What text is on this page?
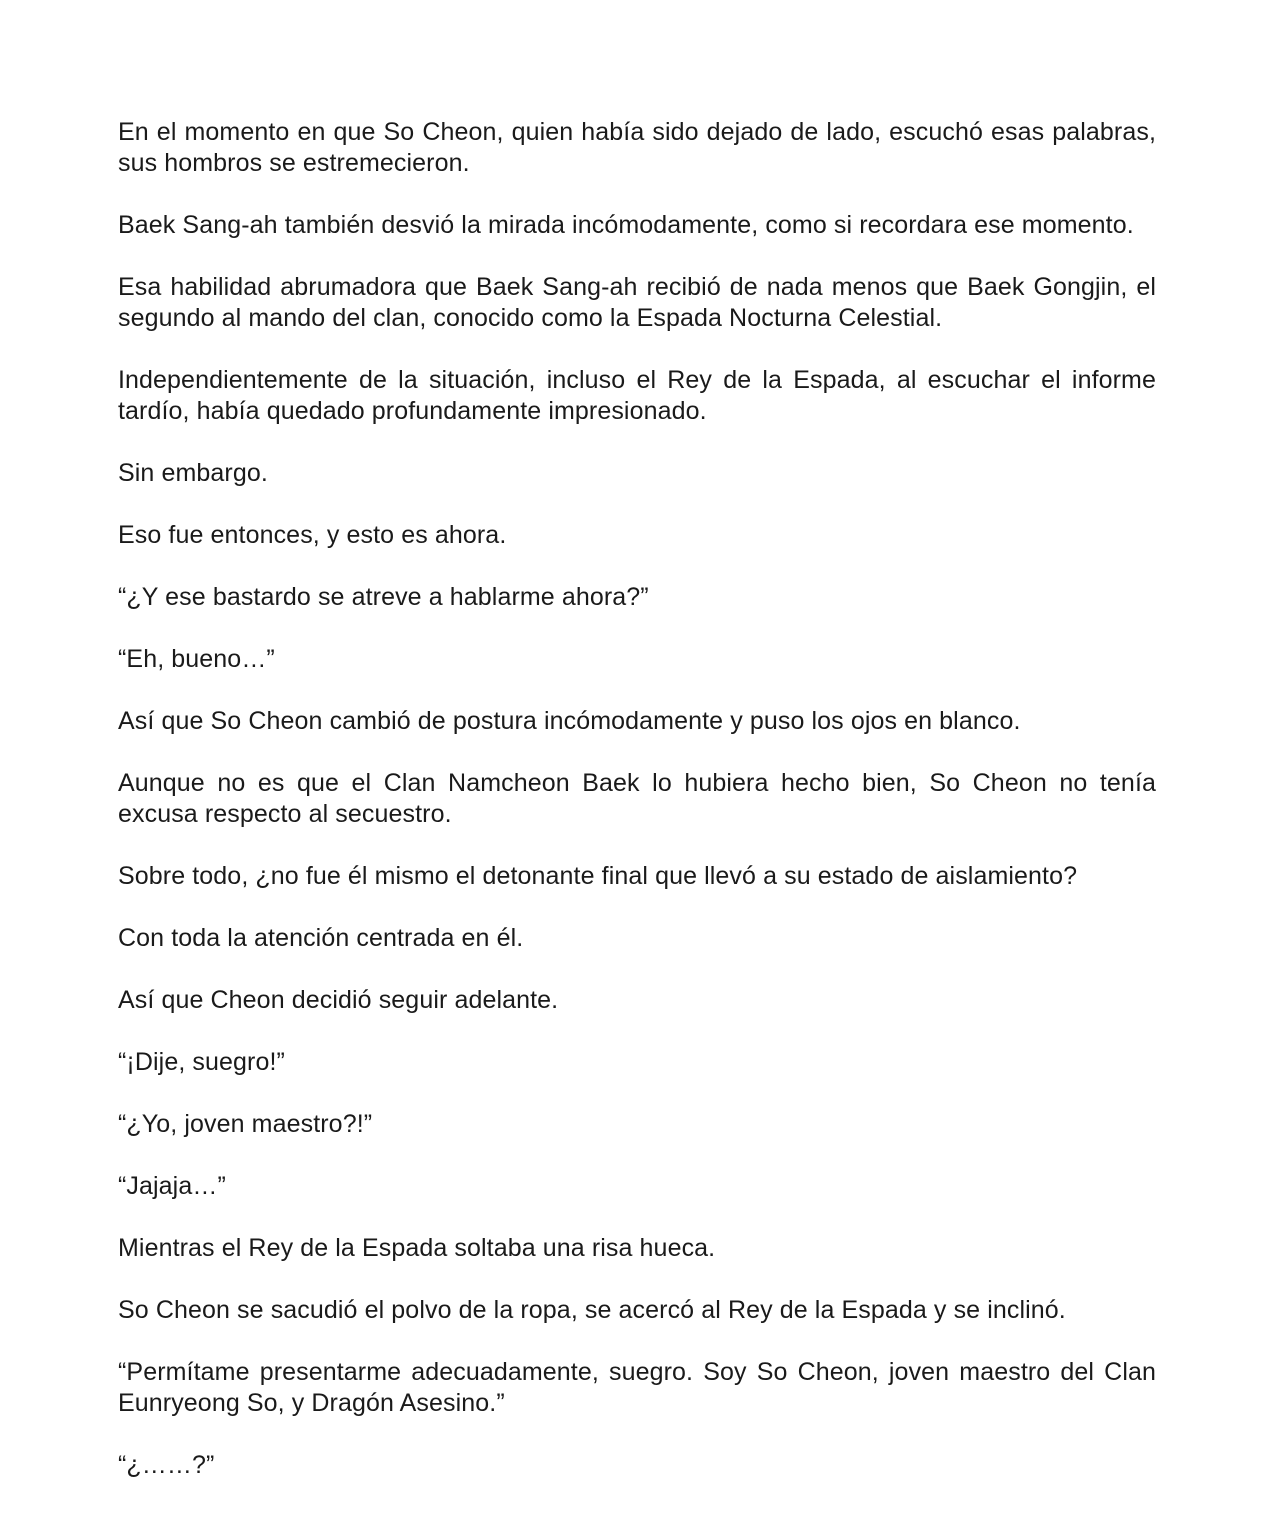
En el momento en que So Cheon, quien había sido dejado de lado, escuchó esas palabras, sus hombros se estremecieron.

Baek Sang-ah también desvió la mirada incómodamente, como si recordara ese momento.

Esa habilidad abrumadora que Baek Sang-ah recibió de nada menos que Baek Gongjin, el segundo al mando del clan, conocido como la Espada Nocturna Celestial.

Independientemente de la situación, incluso el Rey de la Espada, al escuchar el informe tardío, había quedado profundamente impresionado.

Sin embargo.

Eso fue entonces, y esto es ahora.

“¿Y ese bastardo se atreve a hablarme ahora?”

“Eh, bueno…”

Así que So Cheon cambió de postura incómodamente y puso los ojos en blanco.

Aunque no es que el Clan Namcheon Baek lo hubiera hecho bien, So Cheon no tenía excusa respecto al secuestro.

Sobre todo, ¿no fue él mismo el detonante final que llevó a su estado de aislamiento?

Con toda la atención centrada en él.

Así que Cheon decidió seguir adelante.

“¡Dije, suegro!”

“¿Yo, joven maestro?!”

“Jajaja…”

Mientras el Rey de la Espada soltaba una risa hueca.

So Cheon se sacudió el polvo de la ropa, se acercó al Rey de la Espada y se inclinó.

“Permítame presentarme adecuadamente, suegro. Soy So Cheon, joven maestro del Clan Eunryeong So, y Dragón Asesino.”

“¿……?”
